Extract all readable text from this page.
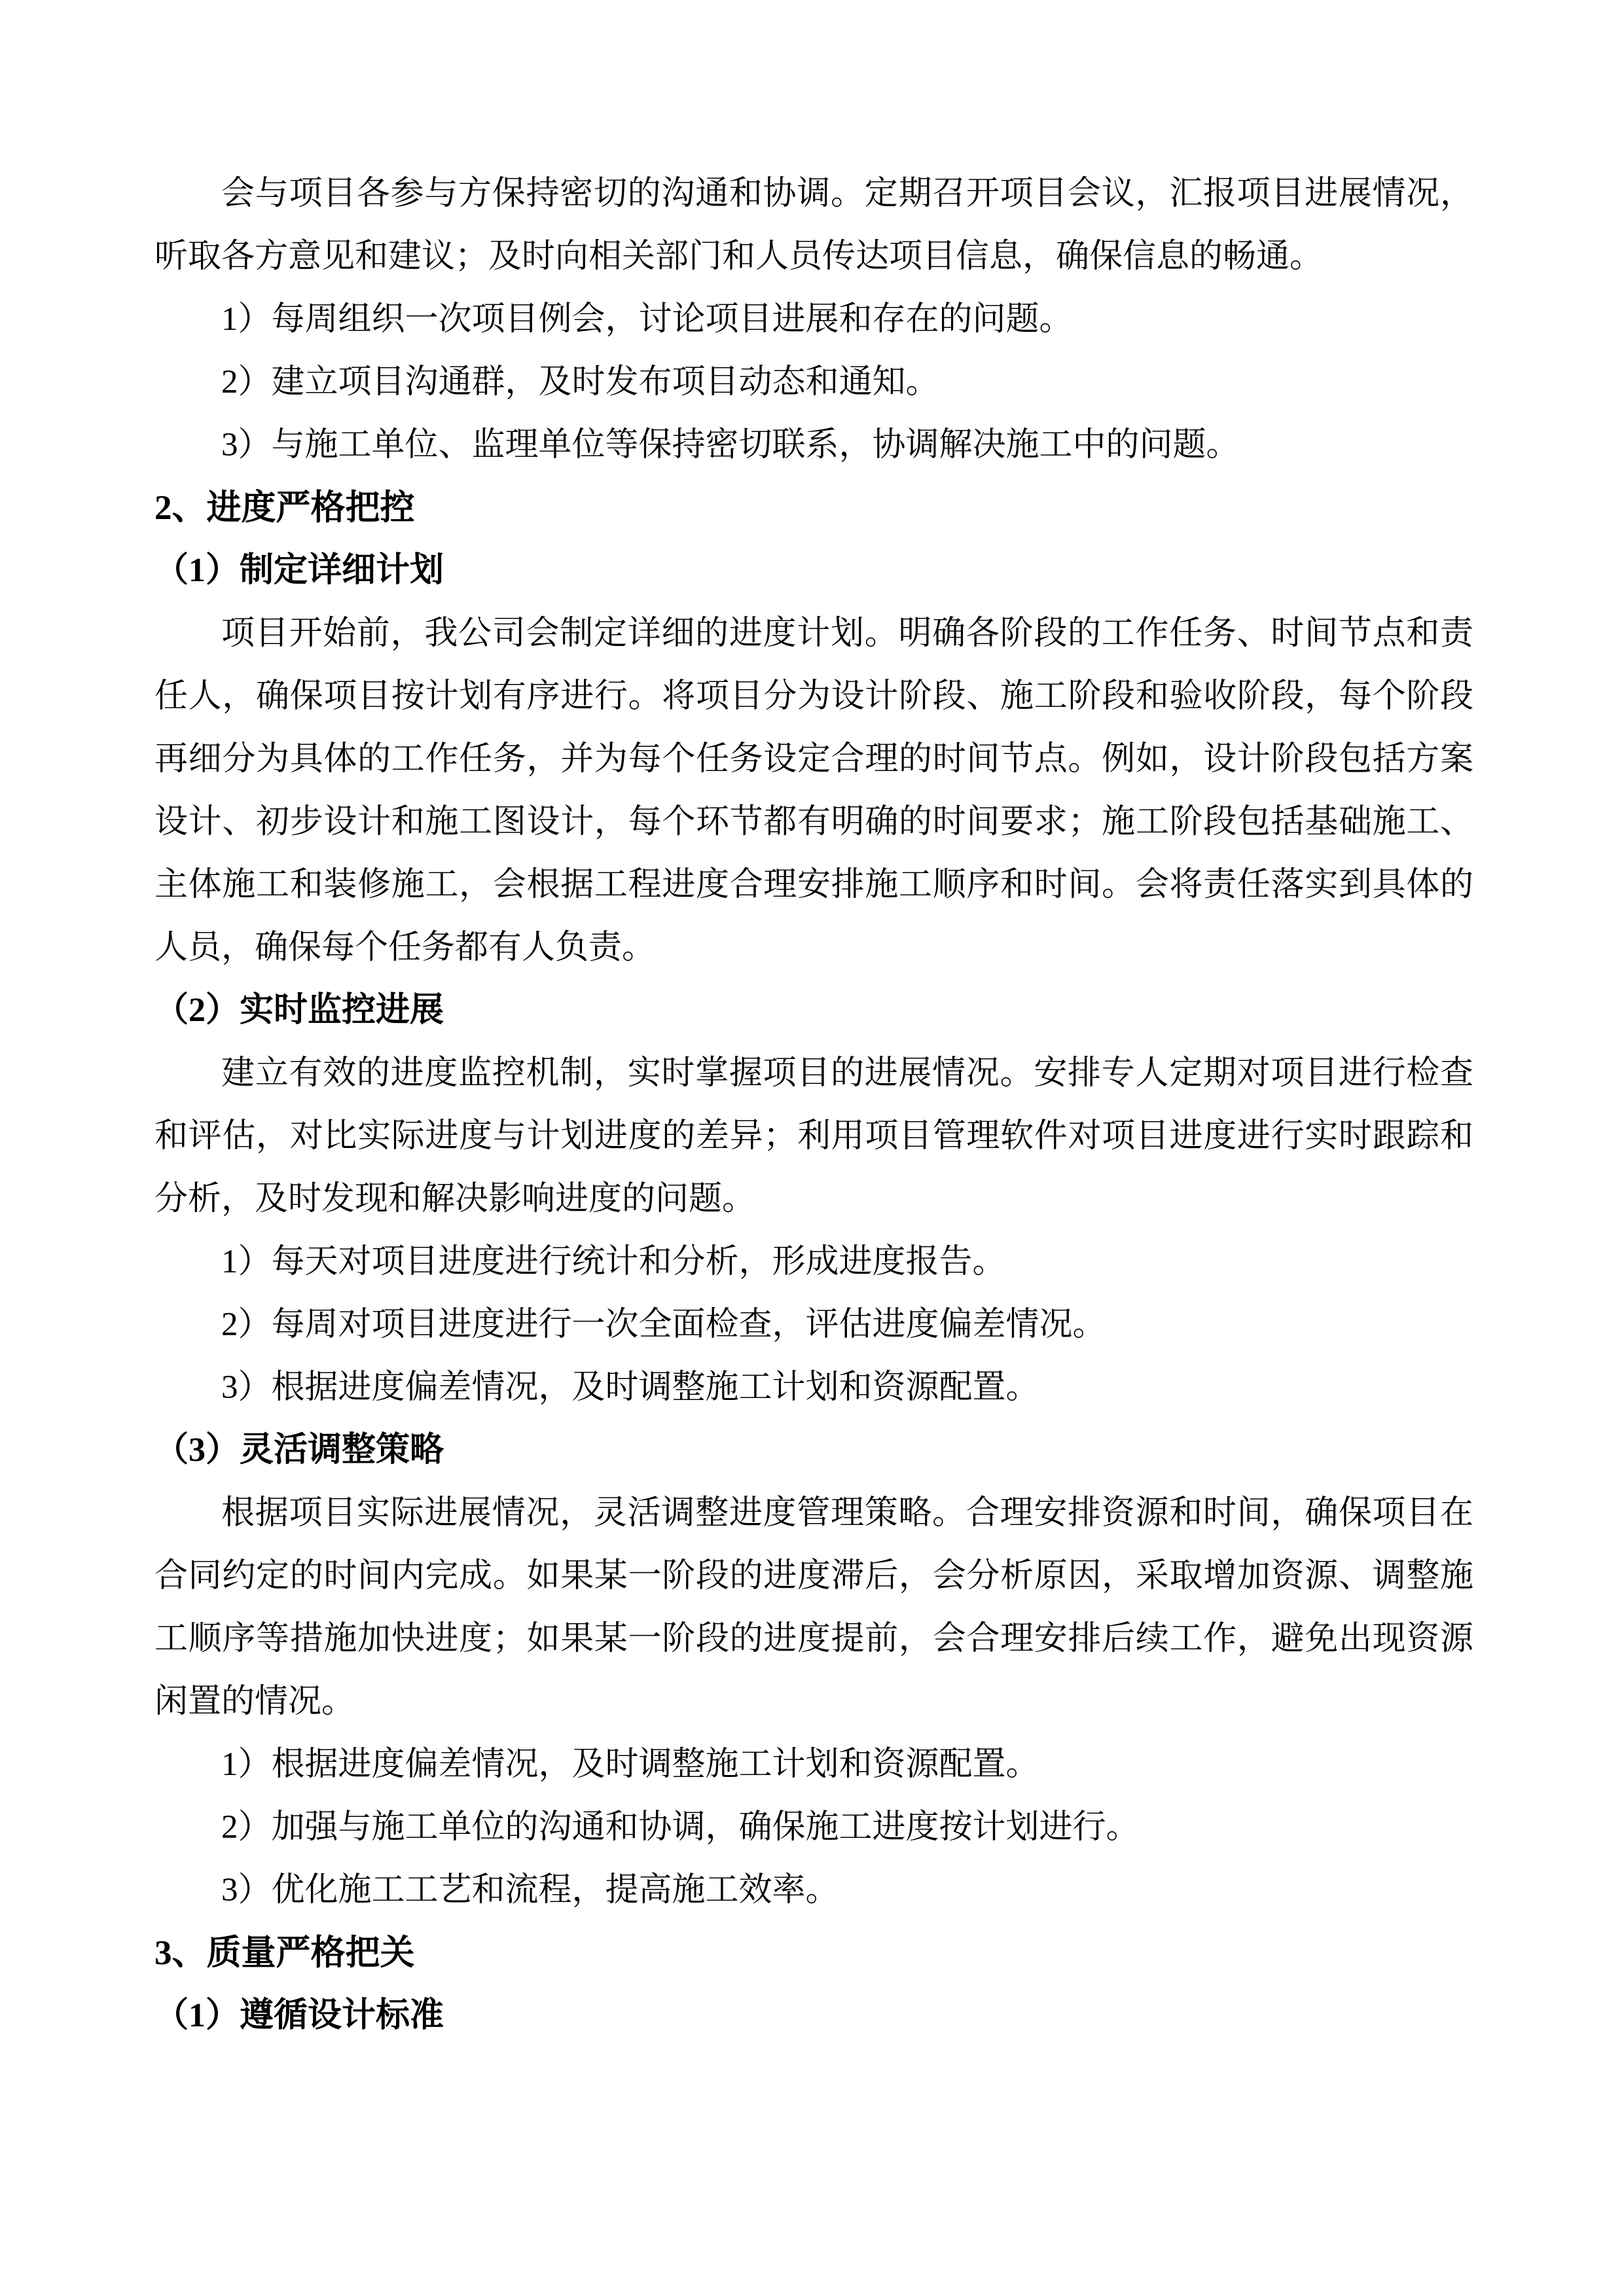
会与项目各参与方保持密切的沟通和协调。定期召开项目会议，汇报项目进展情况，听取各方意见和建议；及时向相关部门和人员传达项目信息，确保信息的畅通。

1）每周组织一次项目例会，讨论项目进展和存在的问题。

2）建立项目沟通群，及时发布项目动态和通知。

3）与施工单位、监理单位等保持密切联系，协调解决施工中的问题。

2、进度严格把控

（1）制定详细计划

项目开始前，我公司会制定详细的进度计划。明确各阶段的工作任务、时间节点和责任人，确保项目按计划有序进行。将项目分为设计阶段、施工阶段和验收阶段，每个阶段再细分为具体的工作任务，并为每个任务设定合理的时间节点。例如，设计阶段包括方案设计、初步设计和施工图设计，每个环节都有明确的时间要求；施工阶段包括基础施工、主体施工和装修施工，会根据工程进度合理安排施工顺序和时间。会将责任落实到具体的人员，确保每个任务都有人负责。

（2）实时监控进展

建立有效的进度监控机制，实时掌握项目的进展情况。安排专人定期对项目进行检查和评估，对比实际进度与计划进度的差异；利用项目管理软件对项目进度进行实时跟踪和分析，及时发现和解决影响进度的问题。

1）每天对项目进度进行统计和分析，形成进度报告。

2）每周对项目进度进行一次全面检查，评估进度偏差情况。

3）根据进度偏差情况，及时调整施工计划和资源配置。

（3）灵活调整策略

根据项目实际进展情况，灵活调整进度管理策略。合理安排资源和时间，确保项目在合同约定的时间内完成。如果某一阶段的进度滞后，会分析原因，采取增加资源、调整施工顺序等措施加快进度；如果某一阶段的进度提前，会合理安排后续工作，避免出现资源闲置的情况。

1）根据进度偏差情况，及时调整施工计划和资源配置。

2）加强与施工单位的沟通和协调，确保施工进度按计划进行。

3）优化施工工艺和流程，提高施工效率。

3、质量严格把关

（1）遵循设计标准
